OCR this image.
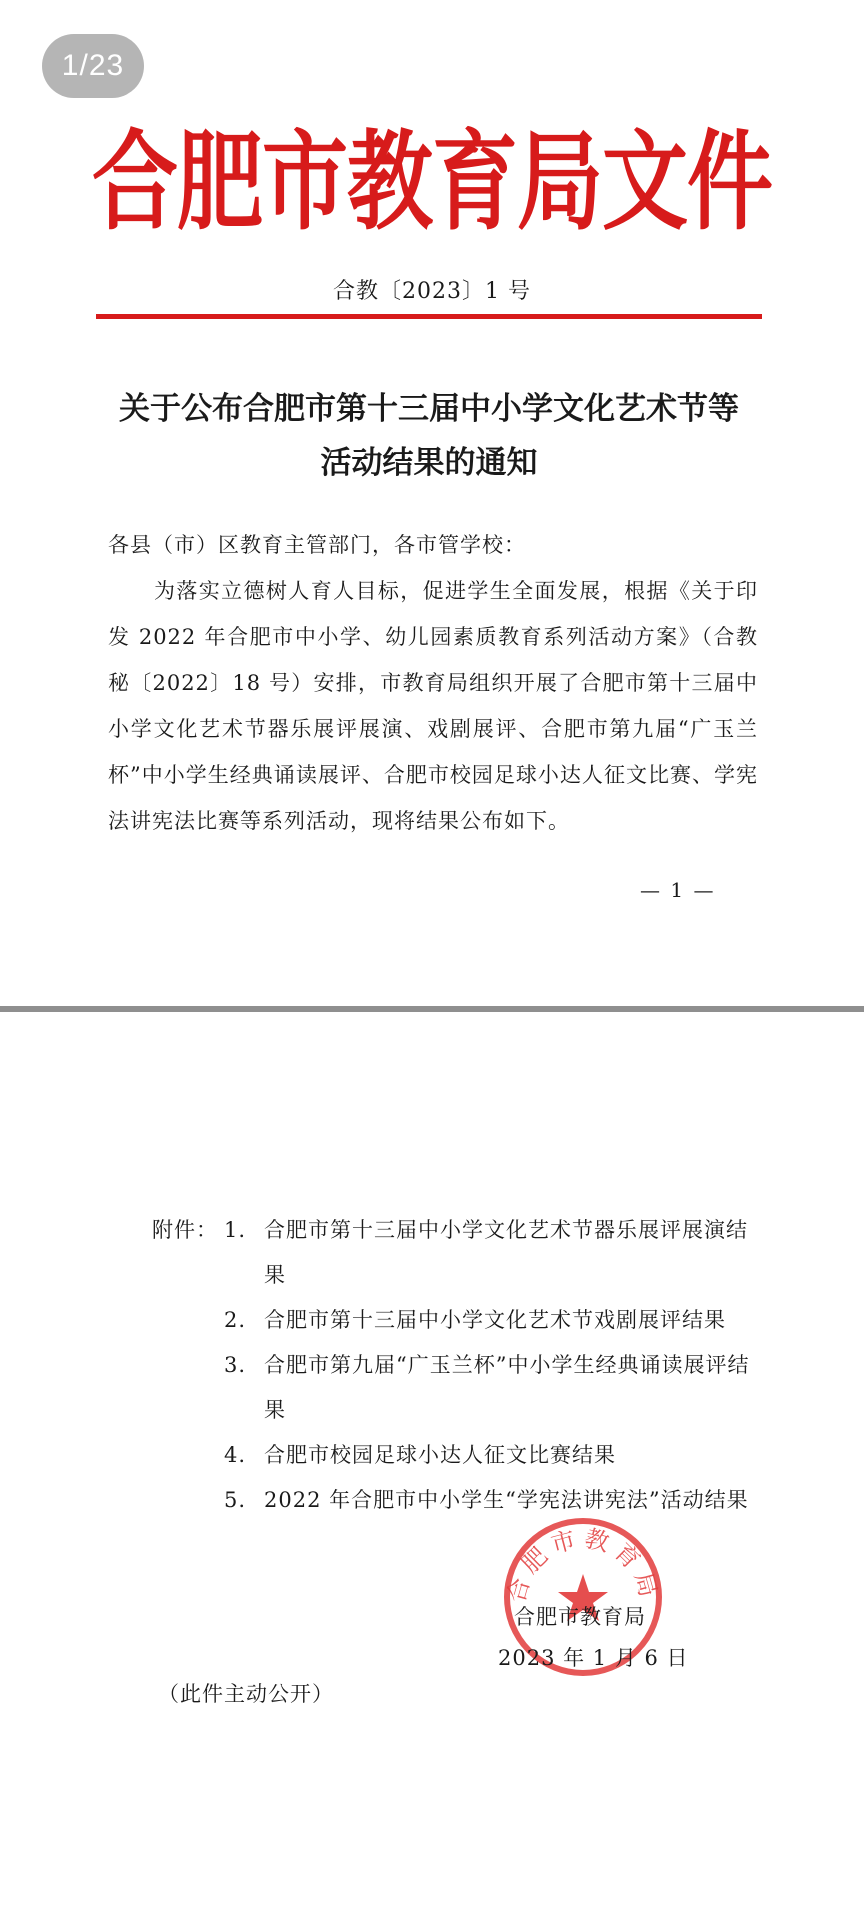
1/23
合肥市教育局文件
合教〔2023〕1 号
关于公布合肥市第十三届中小学文化艺术节等
活动结果的通知

各县（市）区教育主管部门，各市管学校：

为落实立德树人育人目标，促进学生全面发展，根据《关于印发 2022 年合肥市中小学、幼儿园素质教育系列活动方案》（合教秘〔2022〕18 号）安排，市教育局组织开展了合肥市第十三届中小学文化艺术节器乐展评展演、戏剧展评、合肥市第九届“广玉兰杯”中小学生经典诵读展评、合肥市校园足球小达人征文比赛、学宪法讲宪法比赛等系列活动，现将结果公布如下。

— 1 —
附件： 1. 合肥市第十三届中小学文化艺术节器乐展评展演结果
2. 合肥市第十三届中小学文化艺术节戏剧展评结果
3. 合肥市第九届“广玉兰杯”中小学生经典诵读展评结果
4. 合肥市校园足球小达人征文比赛结果
5. 2022 年合肥市中小学生“学宪法讲宪法”活动结果
合肥市教育局
合肥市教育局
2023 年 1 月 6 日
（此件主动公开）
